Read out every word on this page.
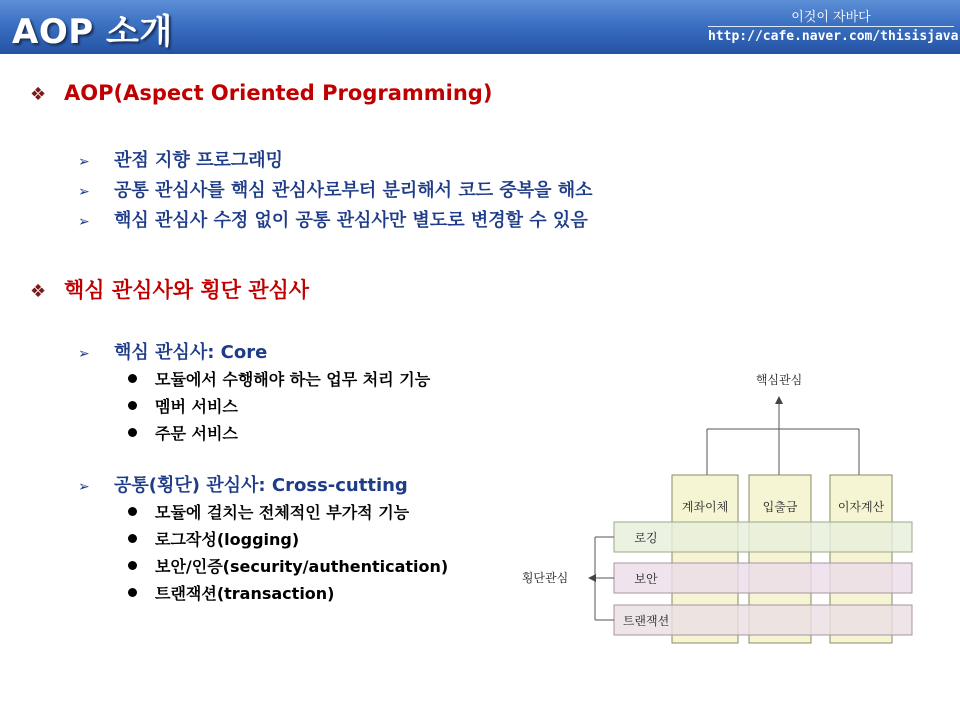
AOP 소개	이것이 자바다
http://cafe.naver.com/thisisjava
❖ AOP(Aspect Oriented Programming)
➢ 관점 지향 프로그래밍
➢ 공통 관심사를 핵심 관심사로부터 분리해서 코드 중복을 해소
➢ 핵심 관심사 수정 없이 공통 관심사만 별도로 변경할 수 있음
❖ 핵심 관심사와 횡단 관심사
➢ 핵심 관심사: Core
모듈에서 수행해야 하는 업무 처리 기능
멤버 서비스
주문 서비스
➢ 공통(횡단) 관심사: Cross-cutting
모듈에 걸치는 전체적인 부가적 기능
로그작성(logging)
보안/인증(security/authentication)
트랜잭션(transaction)
핵심관심
계좌이체	입출금	이자계산
로깅
보안
트랜잭션
횡단관심
